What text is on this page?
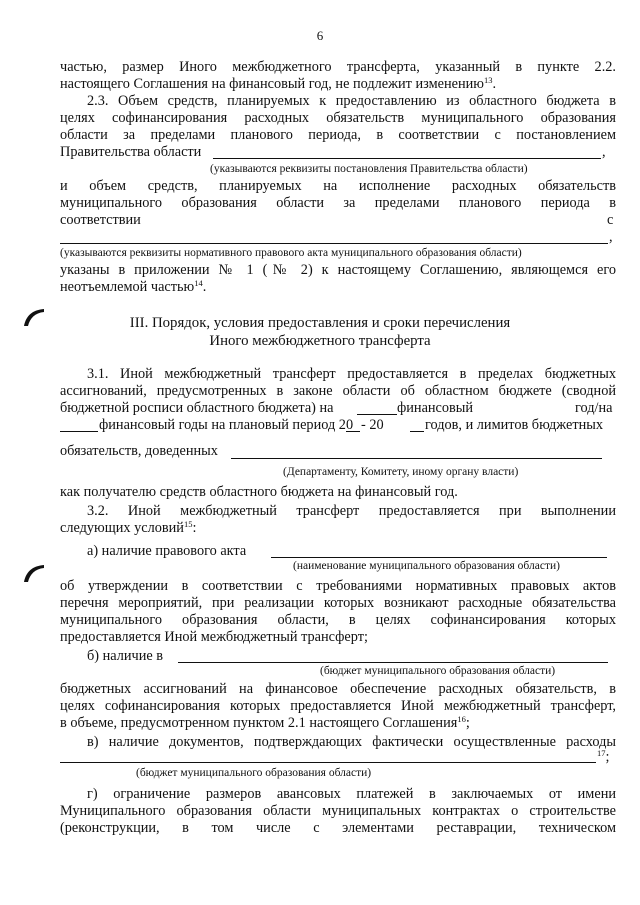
6
частью, размер Иного межбюджетного трансферта, указанный в пункте 2.2.
настоящего Соглашения на финансовый год, не подлежит изменению$^{13}$.
2.3. Объем средств, планируемых к предоставлению из областного бюджета в
целях софинансирования расходных обязательств муниципального образования
области за пределами планового периода, в соответствии с постановлением
Правительства области	,
(указываются реквизиты постановления Правительства области)
и объем средств, планируемых на исполнение расходных обязательств
муниципального образования области за пределами планового периода в
соответствии	с
,
(указываются реквизиты нормативного правового акта муниципального образования области)
указаны в приложении № 1 (№ 2) к настоящему Соглашению, являющемся его
неотъемлемой частью$^{14}$.
III. Порядок, условия предоставления и сроки перечисления
Иного межбюджетного трансферта
3.1. Иной межбюджетный трансферт предоставляется в пределах бюджетных
ассигнований, предусмотренных в законе области об областном бюджете (сводной
бюджетной росписи областного бюджета) на	финансовый	год/на
финансовый годы на плановый период 20 - 20	годов, и лимитов бюджетных
обязательств, доведенных
(Департаменту, Комитету, иному органу власти)
как получателю средств областного бюджета на финансовый год.
3.2. Иной межбюджетный трансферт предоставляется при выполнении
следующих условий$^{15}$:
а) наличие правового акта
(наименование муниципального образования области)
об утверждении в соответствии с требованиями нормативных правовых актов
перечня мероприятий, при реализации которых возникают расходные обязательства
муниципального образования области, в целях софинансирования которых
предоставляется Иной межбюджетный трансферт;
б) наличие в
(бюджет муниципального образования области)
бюджетных ассигнований на финансовое обеспечение расходных обязательств, в
целях софинансирования которых предоставляется Иной межбюджетный трансферт,
в объеме, предусмотренном пунктом 2.1 настоящего Соглашения$^{16}$;
в) наличие документов, подтверждающих фактически осуществленные расходы
$^{17}$;
(бюджет муниципального образования области)
г) ограничение размеров авансовых платежей в заключаемых от имени
Муниципального образования области муниципальных контрактах о строительстве
(реконструкции, в том числе с элементами реставрации, техническом
